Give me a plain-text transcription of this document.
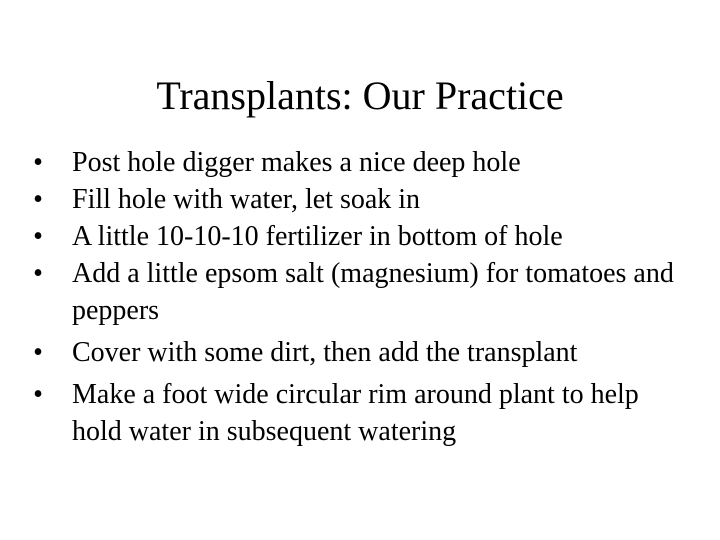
Transplants: Our Practice
• Post hole digger makes a nice deep hole
• Fill hole with water, let soak in
• A little 10-10-10 fertilizer in bottom of hole
• Add a little epsom salt (magnesium) for tomatoes and peppers
• Cover with some dirt, then add the transplant
• Make a foot wide circular rim around plant to help hold water in subsequent watering
